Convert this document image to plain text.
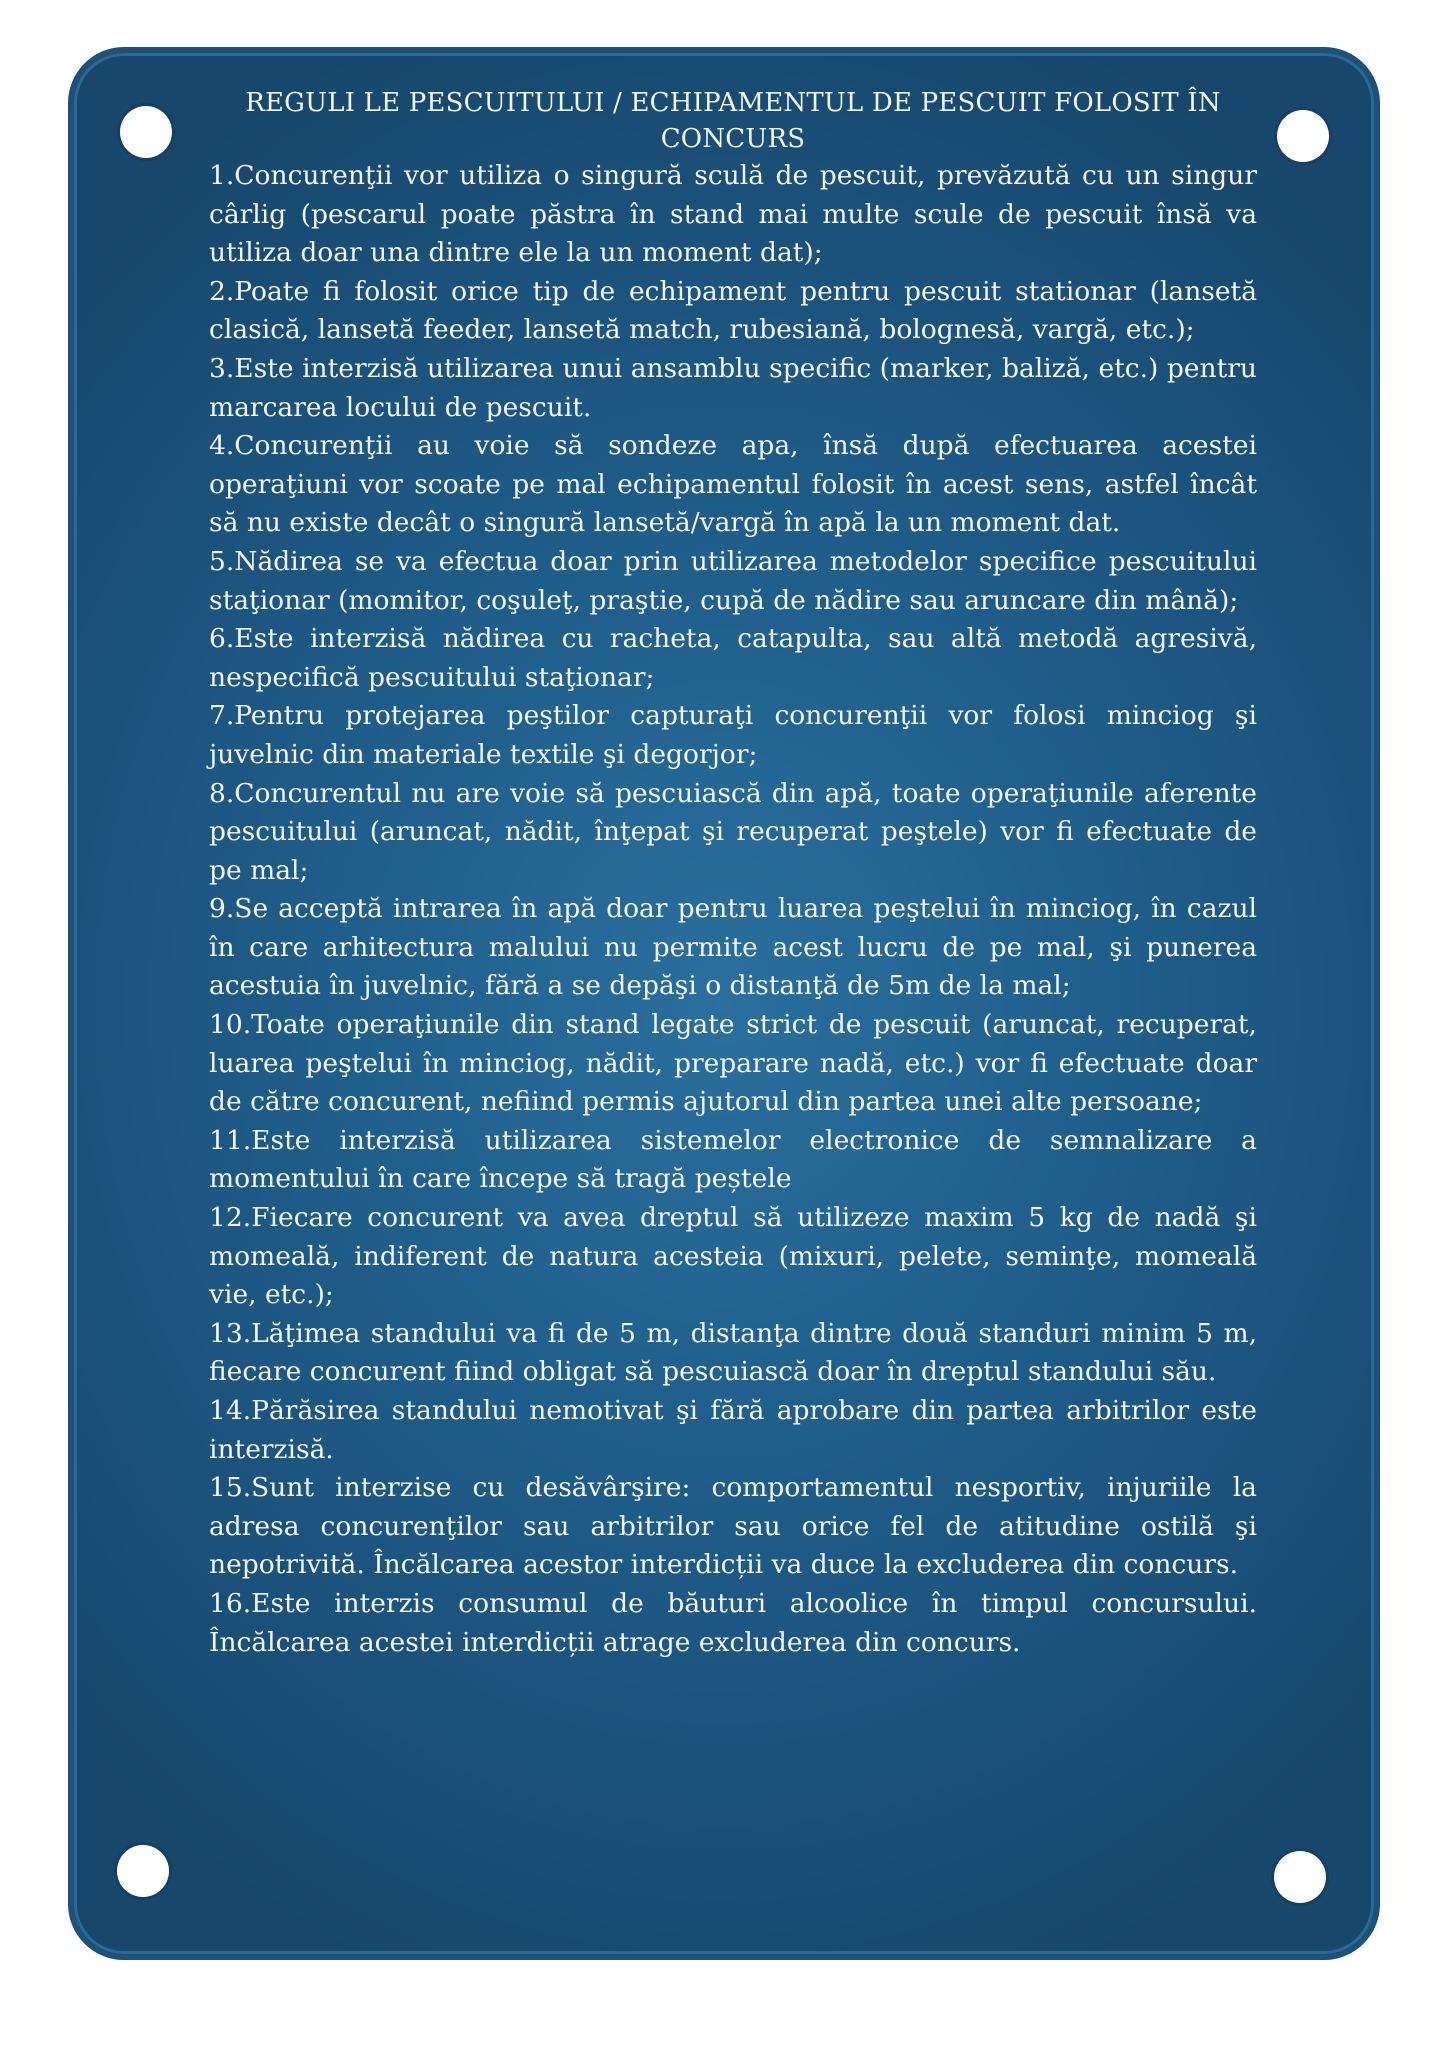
REGULI LE PESCUITULUI / ECHIPAMENTUL DE PESCUIT FOLOSIT ÎN CONCURS
1.Concurenţii vor utiliza o singură sculă de pescuit, prevăzută cu un singur cârlig (pescarul poate păstra în stand mai multe scule de pescuit însă va utiliza doar una dintre ele la un moment dat);
2.Poate fi folosit orice tip de echipament pentru pescuit stationar (lansetă clasică, lansetă feeder, lansetă match, rubesiană, bolognesă, vargă, etc.);
3.Este interzisă utilizarea unui ansamblu specific (marker, baliză, etc.) pentru marcarea locului de pescuit.
4.Concurenţii au voie să sondeze apa, însă după efectuarea acestei operaţiuni vor scoate pe mal echipamentul folosit în acest sens, astfel încât să nu existe decât o singură lansetă/vargă în apă la un moment dat.
5.Nădirea se va efectua doar prin utilizarea metodelor specifice pescuitului staţionar (momitor, coşuleţ, praştie, cupă de nădire sau aruncare din mână);
6.Este interzisă nădirea cu racheta, catapulta, sau altă metodă agresivă, nespecifică pescuitului staţionar;
7.Pentru protejarea peştilor capturaţi concurenţii vor folosi minciog şi juvelnic din materiale textile şi degorjor;
8.Concurentul nu are voie să pescuiască din apă, toate operaţiunile aferente pescuitului (aruncat, nădit, înţepat şi recuperat peştele) vor fi efectuate de pe mal;
9.Se acceptă intrarea în apă doar pentru luarea peştelui în minciog, în cazul în care arhitectura malului nu permite acest lucru de pe mal, şi punerea acestuia în juvelnic, fără a se depăşi o distanţă de 5m de la mal;
10.Toate operaţiunile din stand legate strict de pescuit (aruncat, recuperat, luarea peştelui în minciog, nădit, preparare nadă, etc.) vor fi efectuate doar de către concurent, nefiind permis ajutorul din partea unei alte persoane;
11.Este interzisă utilizarea sistemelor electronice de semnalizare a momentului în care începe să tragă peștele
12.Fiecare concurent va avea dreptul să utilizeze maxim 5 kg de nadă şi momeală, indiferent de natura acesteia (mixuri, pelete, seminţe, momeală vie, etc.);
13.Lăţimea standului va fi de 5 m, distanţa dintre două standuri minim 5 m, fiecare concurent fiind obligat să pescuiască doar în dreptul standului său.
14.Părăsirea standului nemotivat şi fără aprobare din partea arbitrilor este interzisă.
15.Sunt interzise cu desăvârşire: comportamentul nesportiv, injuriile la adresa concurenţilor sau arbitrilor sau orice fel de atitudine ostilă şi nepotrivită. Încălcarea acestor interdicții va duce la excluderea din concurs.
16.Este interzis consumul de băuturi alcoolice în timpul concursului. Încălcarea acestei interdicții atrage excluderea din concurs.
